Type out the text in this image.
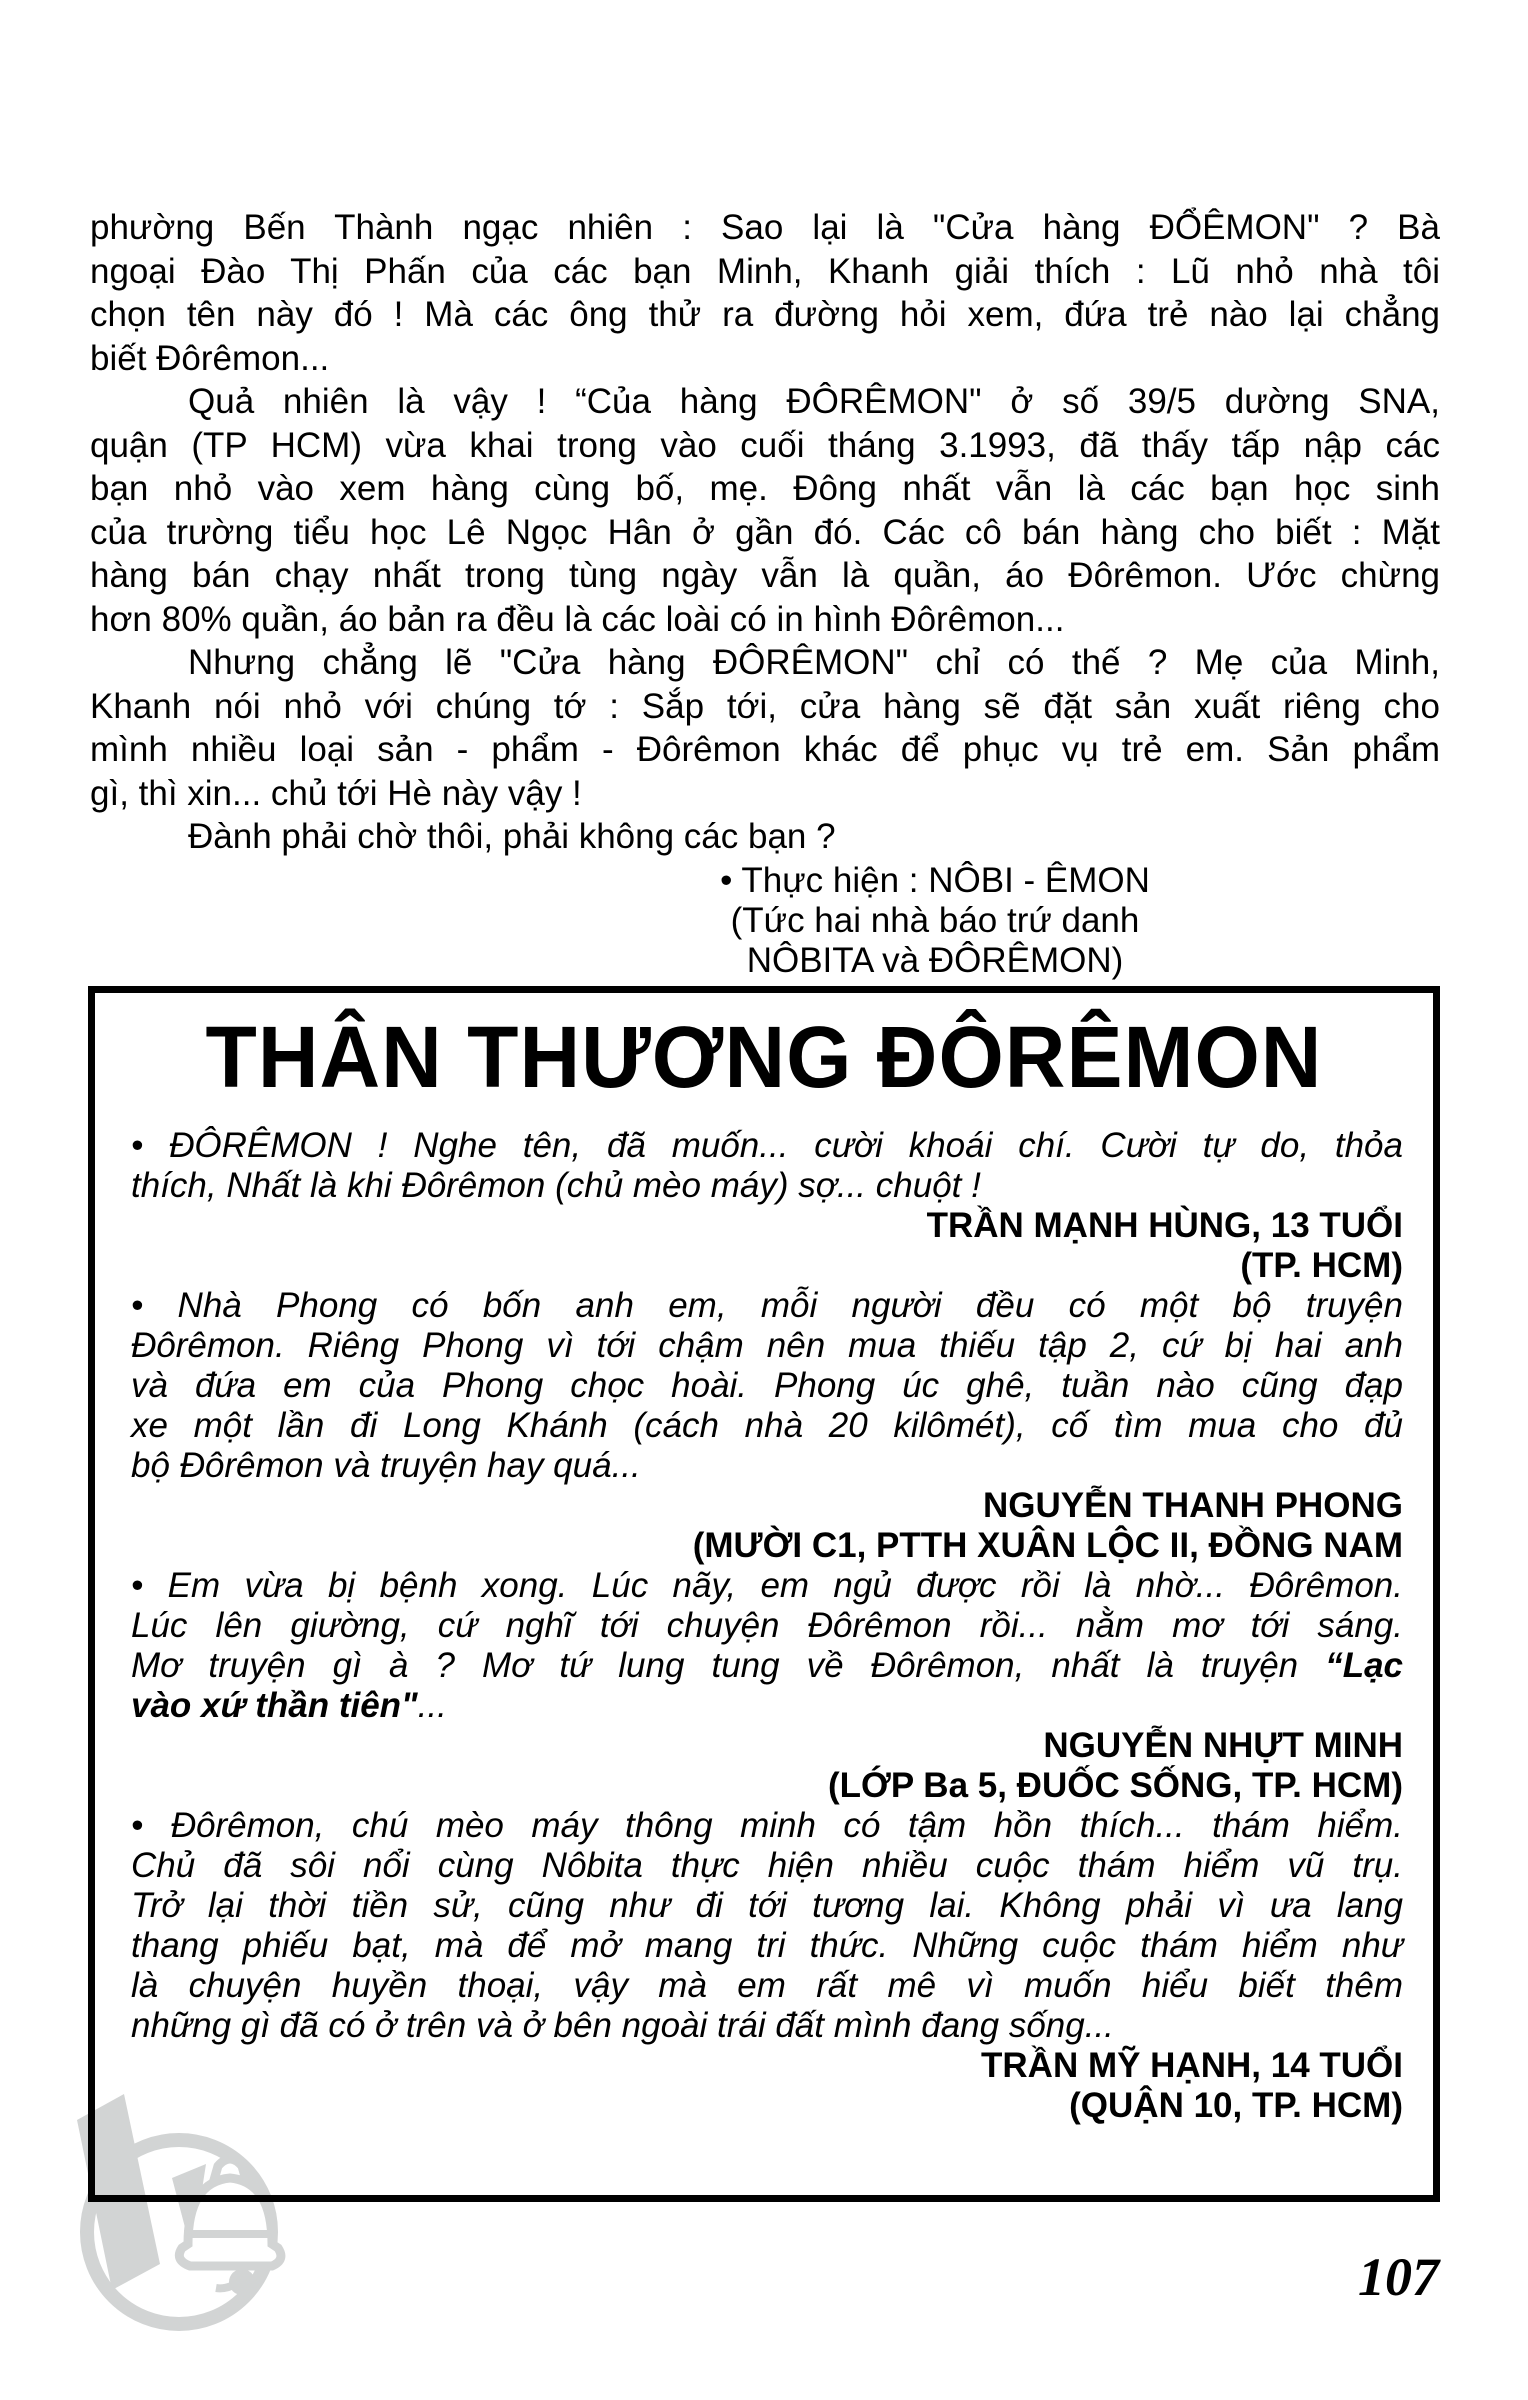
phường Bến Thành ngạc nhiên : Sao lại là "Cửa hàng ĐỔÊMON" ? Bà
ngoại Đào Thị Phấn của các bạn Minh, Khanh giải thích : Lũ nhỏ nhà tôi
chọn tên này đó ! Mà các ông thử ra đường hỏi xem, đứa trẻ nào lại chẳng
biết Đôrêmon...
Quả nhiên là vậy ! “Của hàng ĐÔRÊMON" ở số 39/5 dường SNA,
quận (TP HCM) vừa khai trong vào cuối tháng 3.1993, đã thấy tấp nập các
bạn nhỏ vào xem hàng cùng bố, mẹ. Đông nhất vẫn là các bạn học sinh
của trường tiểu học Lê Ngọc Hân ở gần đó. Các cô bán hàng cho biết : Mặt
hàng bán chạy nhất trong tùng ngày vẫn là quần, áo Đôrêmon. Ước chừng
hơn 80% quần, áo bản ra đều là các loài có in hình Đôrêmon...
Nhưng chẳng lẽ "Cửa hàng ĐÔRÊMON" chỉ có thế ? Mẹ của Minh,
Khanh nói nhỏ với chúng tớ : Sắp tới, cửa hàng sẽ đặt sản xuất riêng cho
mình nhiều loại sản - phẩm - Đôrêmon khác để phục vụ trẻ em. Sản phẩm
gì, thì xin... chủ tới Hè này vậy !
Đành phải chờ thôi, phải không các bạn ?
• Thực hiện : NÔBI - ÊMON
(Tức hai nhà báo trứ danh
NÔBITA và ĐÔRÊMON)
THÂN THƯƠNG ĐÔRÊMON
• ĐÔRÊMON ! Nghe tên, đã muốn... cười khoái chí. Cười tự do, thỏa
thích, Nhất là khi Đôrêmon (chủ mèo máy) sợ... chuột !
TRẦN MẠNH HÙNG, 13 TUỔI
(TP. HCM)
• Nhà Phong có bốn anh em, mỗi người đều có một bộ truyện
Đôrêmon. Riêng Phong vì tới chậm nên mua thiếu tập 2, cứ bị hai anh
và đứa em của Phong chọc hoài. Phong úc ghê, tuần nào cũng đạp
xe một lần đi Long Khánh (cách nhà 20 kilômét), cố tìm mua cho đủ
bộ Đôrêmon và truyện hay quá...
NGUYỄN THANH PHONG
(MƯỜI C1, PTTH XUÂN LỘC II, ĐỒNG NAM
• Em vừa bị bệnh xong. Lúc nãy, em ngủ được rồi là nhờ... Đôrêmon.
Lúc lên giường, cứ nghĩ tới chuyện Đôrêmon rồi... nằm mơ tới sáng.
Mơ truyện gì à ? Mơ tứ lung tung về Đôrêmon, nhất là truyện “Lạc
vào xứ thần tiên"...
NGUYỄN NHỰT MINH
(LỚP Ba 5, ĐUỐC SỐNG, TP. HCM)
• Đôrêmon, chú mèo máy thông minh có tậm hồn thích... thám hiểm.
Chủ đã sôi nổi cùng Nôbita thực hiện nhiều cuộc thám hiểm vũ trụ.
Trở lại thời tiền sử, cũng như đi tới tương lai. Không phải vì ưa lang
thang phiếu bạt, mà để mở mang tri thức. Những cuộc thám hiểm như
là chuyện huyền thoại, vậy mà em rất mê vì muốn hiểu biết thêm
những gì đã có ở trên và ở bên ngoài trái đất mình đang sống...
TRẦN MỸ HẠNH, 14 TUỔI
(QUẬN 10, TP. HCM)
107
